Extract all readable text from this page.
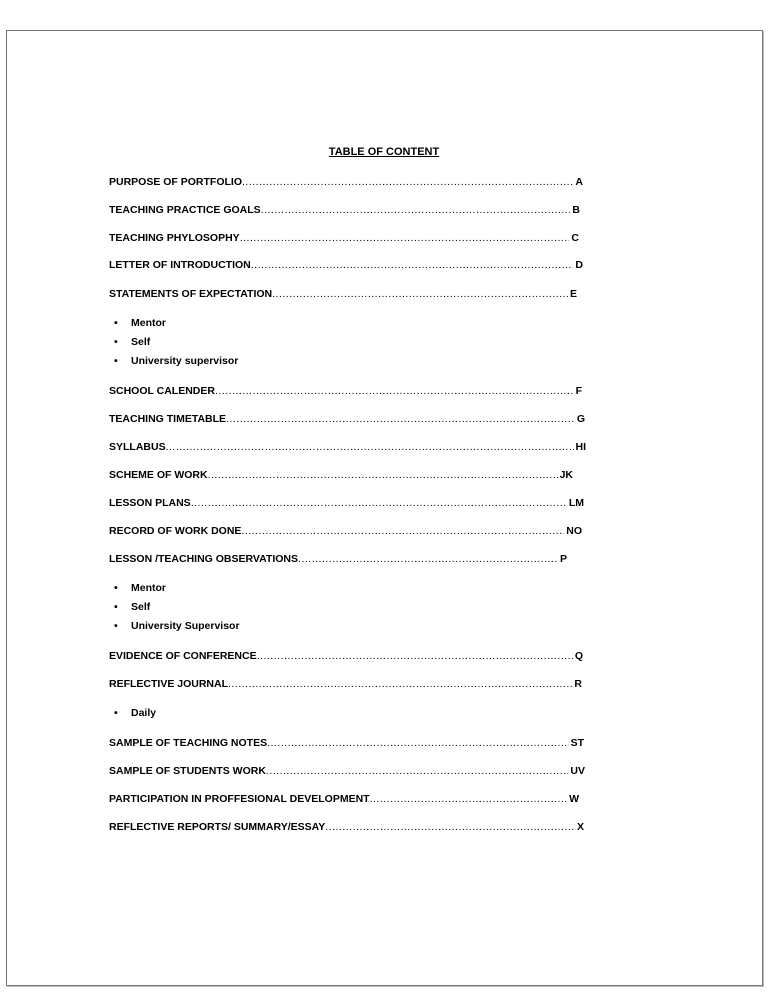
TABLE OF CONTENT
PURPOSE OF PORTFOLIO .....	A
TEACHING PRACTICE GOALS .....	B
TEACHING PHYLOSOPHY .....	C
LETTER OF INTRODUCTION .....	D
STATEMENTS OF EXPECTATION .....	E
• Mentor
• Self
• University supervisor
SCHOOL CALENDER .....	F
TEACHING TIMETABLE .....	G
SYLLABUS .....	HI
SCHEME OF WORK .....	JK
LESSON PLANS .....	LM
RECORD OF WORK DONE .....	NO
LESSON /TEACHING OBSERVATIONS .....	P
• Mentor
• Self
• University Supervisor
EVIDENCE OF CONFERENCE .....	Q
REFLECTIVE JOURNAL .....	R
• Daily
SAMPLE OF TEACHING NOTES .....	ST
SAMPLE OF STUDENTS WORK .....	UV
PARTICIPATION IN PROFFESIONAL DEVELOPMENT .....	W
REFLECTIVE REPORTS/ SUMMARY/ESSAY .....	X
